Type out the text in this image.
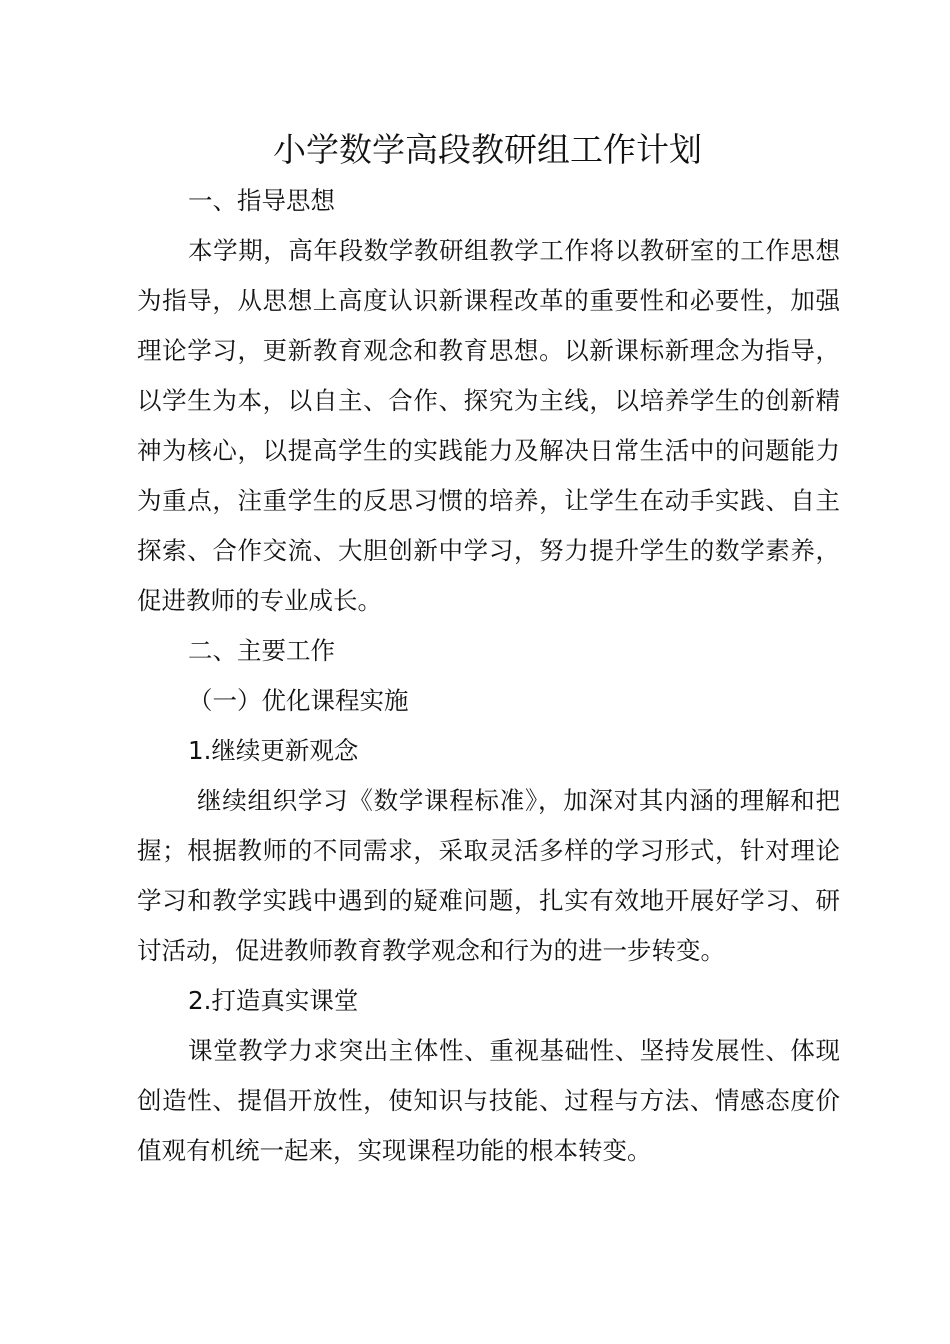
小学数学高段教研组工作计划

一、指导思想

本学期，高年段数学教研组教学工作将以教研室的工作思想为指导，从思想上高度认识新课程改革的重要性和必要性，加强理论学习，更新教育观念和教育思想。以新课标新理念为指导，以学生为本，以自主、合作、探究为主线，以培养学生的创新精神为核心，以提高学生的实践能力及解决日常生活中的问题能力为重点，注重学生的反思习惯的培养，让学生在动手实践、自主探索、合作交流、大胆创新中学习，努力提升学生的数学素养，促进教师的专业成长。

二、主要工作

（一）优化课程实施

1.继续更新观念

继续组织学习《数学课程标准》，加深对其内涵的理解和把握；根据教师的不同需求，采取灵活多样的学习形式，针对理论学习和教学实践中遇到的疑难问题，扎实有效地开展好学习、研讨活动，促进教师教育教学观念和行为的进一步转变。

2.打造真实课堂

课堂教学力求突出主体性、重视基础性、坚持发展性、体现创造性、提倡开放性，使知识与技能、过程与方法、情感态度价值观有机统一起来，实现课程功能的根本转变。
